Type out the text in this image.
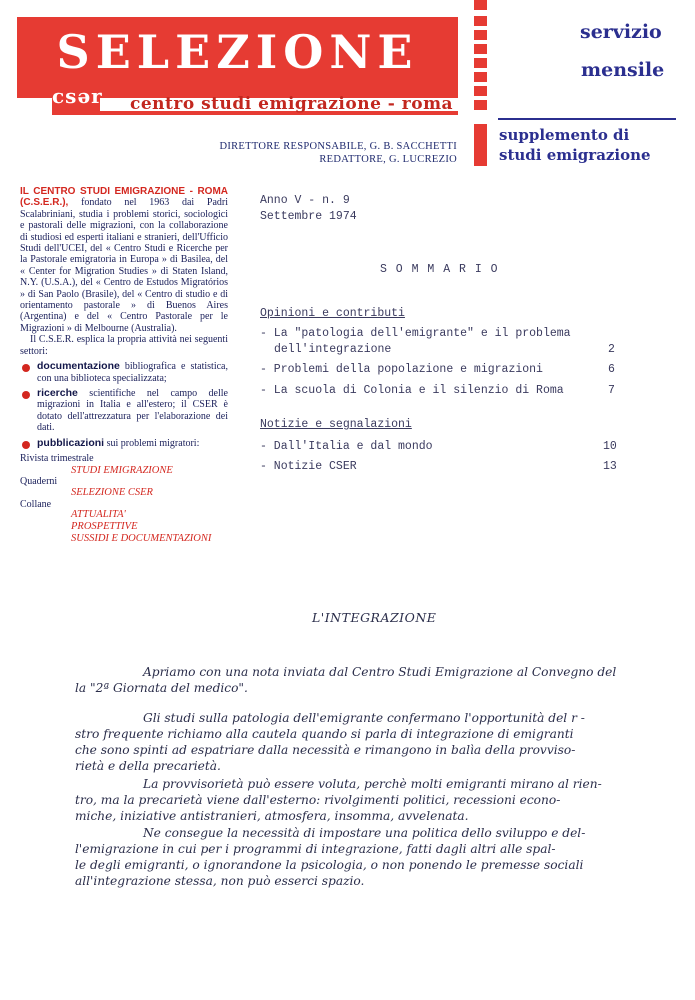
SELEZIONE
csər centro studi emigrazione - roma
servizio
mensile
supplemento di
studi emigrazione
DIRETTORE RESPONSABILE, G. B. SACCHETTI
REDATTORE, G. LUCREZIO
IL CENTRO STUDI EMIGRAZIONE - ROMA (C.S.E.R.), fondato nel 1963 dai Padri Scalabriniani, studia i problemi storici, sociologici e pastorali delle migrazioni, con la collaborazione di studiosi ed esperti italiani e stranieri, dell'Ufficio Studi dell'UCEI, del « Centro Studi e Ricerche per la Pastorale emigratoria in Europa » di Basilea, del « Center for Migration Studies » di Staten Island, N.Y. (U.S.A.), del « Centro de Estudos Migratórios » di San Paolo (Brasile), del « Centro di studio e di orientamento pastorale » di Buenos Aires (Argentina) e del « Centro Pastorale per le Migrazioni » di Melbourne (Australia).
Il C.S.E.R. esplica la propria attività nei seguenti settori:
documentazione bibliografica e statistica, con una biblioteca specializzata;
ricerche scientifiche nel campo delle migrazioni in Italia e all'estero; il CSER è dotato dell'attrezzatura per l'elaborazione dei dati.
pubblicazioni sui problemi migratori:
Rivista trimestrale
STUDI EMIGRAZIONE
Quaderni
SELEZIONE CSER
Collane
ATTUALITA'
PROSPETTIVE
SUSSIDI E DOCUMENTAZIONI
Anno V - n. 9
Settembre 1974
S O M M A R I O
Opinioni e contributi
- La "patologia dell'emigrante" e il problema
dell'integrazione	2
- Problemi della popolazione e migrazioni	6
- La scuola di Colonia e il silenzio di Roma	7
Notizie e segnalazioni
- Dall'Italia e dal mondo	10
- Notizie CSER	13
L'INTEGRAZIONE

Apriamo con una nota inviata dal Centro Studi Emigrazione al Convegno del

la "2ª Giornata del medico".

Gli studi sulla patologia dell'emigrante confermano l'opportunità del r -

stro frequente richiamo alla cautela quando si parla di integrazione di emigranti

che sono spinti ad espatriare dalla necessità e rimangono in balìa della provviso-

rietà e della precarietà.

La provvisorietà può essere voluta, perchè molti emigranti mirano al rien-

tro, ma la precarietà viene dall'esterno: rivolgimenti politici, recessioni econo-

miche, iniziative antistranieri, atmosfera, insomma, avvelenata.

Ne consegue la necessità di impostare una politica dello sviluppo e del-

l'emigrazione in cui per i programmi di integrazione, fatti dagli altri alle spal-

le degli emigranti, o ignorandone la psicologia, o non ponendo le premesse sociali

all'integrazione stessa, non può esserci spazio.
